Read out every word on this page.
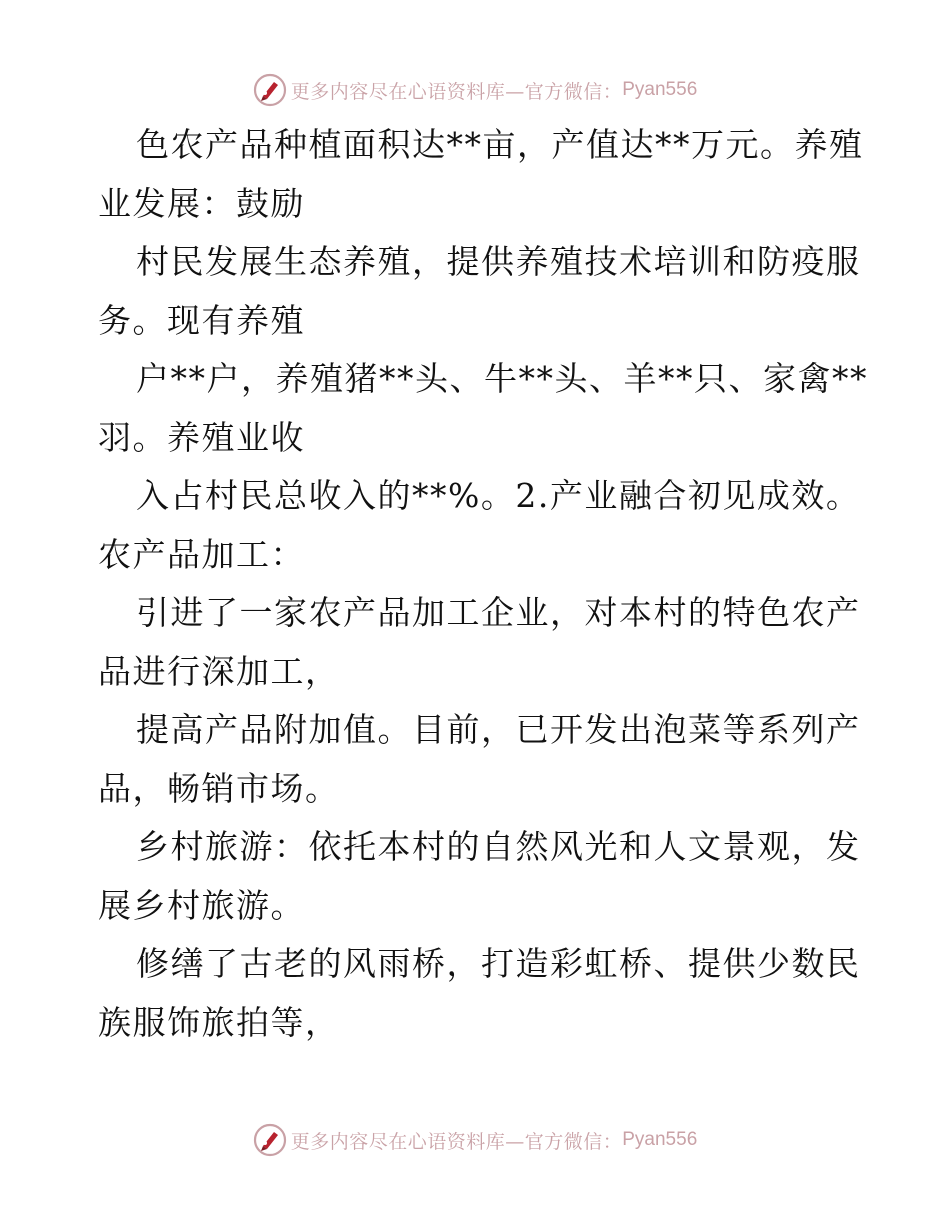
更多内容尽在心语资料库—官方微信： Pyan556
色农产品种植面积达**亩，产值达**万元。养殖
业发展：鼓励
村民发展生态养殖，提供养殖技术培训和防疫服
务。现有养殖
户**户，养殖猪**头、牛**头、羊**只、家禽**
羽。养殖业收
入占村民总收入的**%。2.产业融合初见成效。
农产品加工：
引进了一家农产品加工企业，对本村的特色农产
品进行深加工，
提高产品附加值。目前，已开发出泡菜等系列产
品，畅销市场。
乡村旅游：依托本村的自然风光和人文景观，发
展乡村旅游。
修缮了古老的风雨桥，打造彩虹桥、提供少数民
族服饰旅拍等，
更多内容尽在心语资料库—官方微信： Pyan556
